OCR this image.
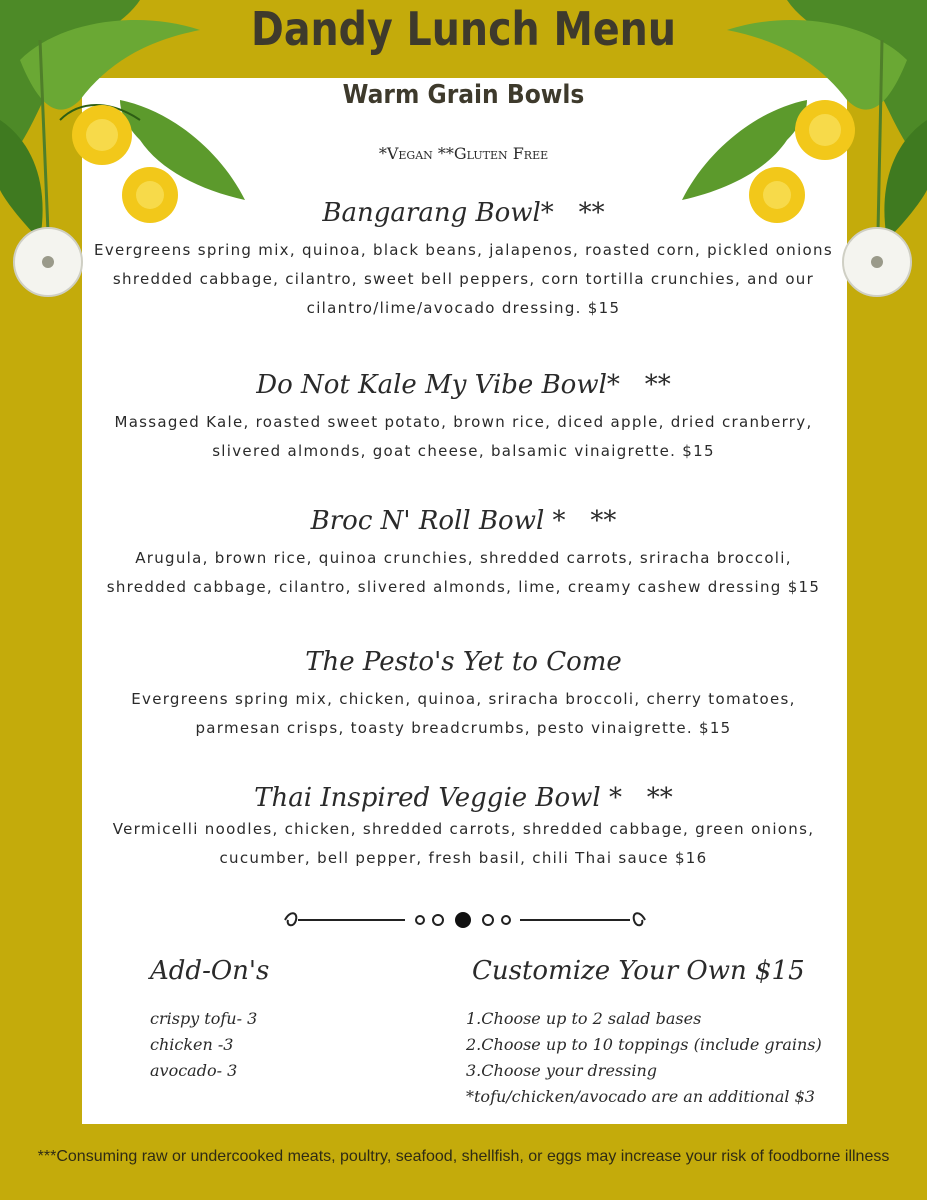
Dandy Lunch Menu
Warm Grain Bowls
*Vegan **Gluten Free
Bangarang Bowl*   **
Evergreens spring mix, quinoa, black beans, jalapenos, roasted corn, pickled onions
shredded cabbage, cilantro, sweet bell peppers, corn tortilla crunchies, and our
cilantro/lime/avocado dressing. $15
Do Not Kale My Vibe Bowl*   **
Massaged Kale, roasted sweet potato, brown rice, diced apple, dried cranberry,
slivered almonds, goat cheese, balsamic vinaigrette. $15
Broc N' Roll Bowl *   **
Arugula, brown rice, quinoa crunchies, shredded carrots, sriracha broccoli,
shredded cabbage, cilantro, slivered almonds, lime, creamy cashew dressing $15
The Pesto's Yet to Come
Evergreens spring mix, chicken, quinoa, sriracha broccoli, cherry tomatoes,
parmesan crisps, toasty breadcrumbs, pesto vinaigrette. $15
Thai Inspired Veggie Bowl *   **
Vermicelli noodles, chicken, shredded carrots, shredded cabbage, green onions,
cucumber, bell pepper, fresh basil, chili Thai sauce $16
Add-On's
crispy tofu- 3
chicken -3
avocado- 3
Customize Your Own $15
1.Choose up to 2 salad bases
2.Choose up to 10 toppings (include grains)
3.Choose your dressing
*tofu/chicken/avocado are an additional $3
***Consuming raw or undercooked meats, poultry, seafood, shellfish, or eggs may increase your risk of foodborne illness
